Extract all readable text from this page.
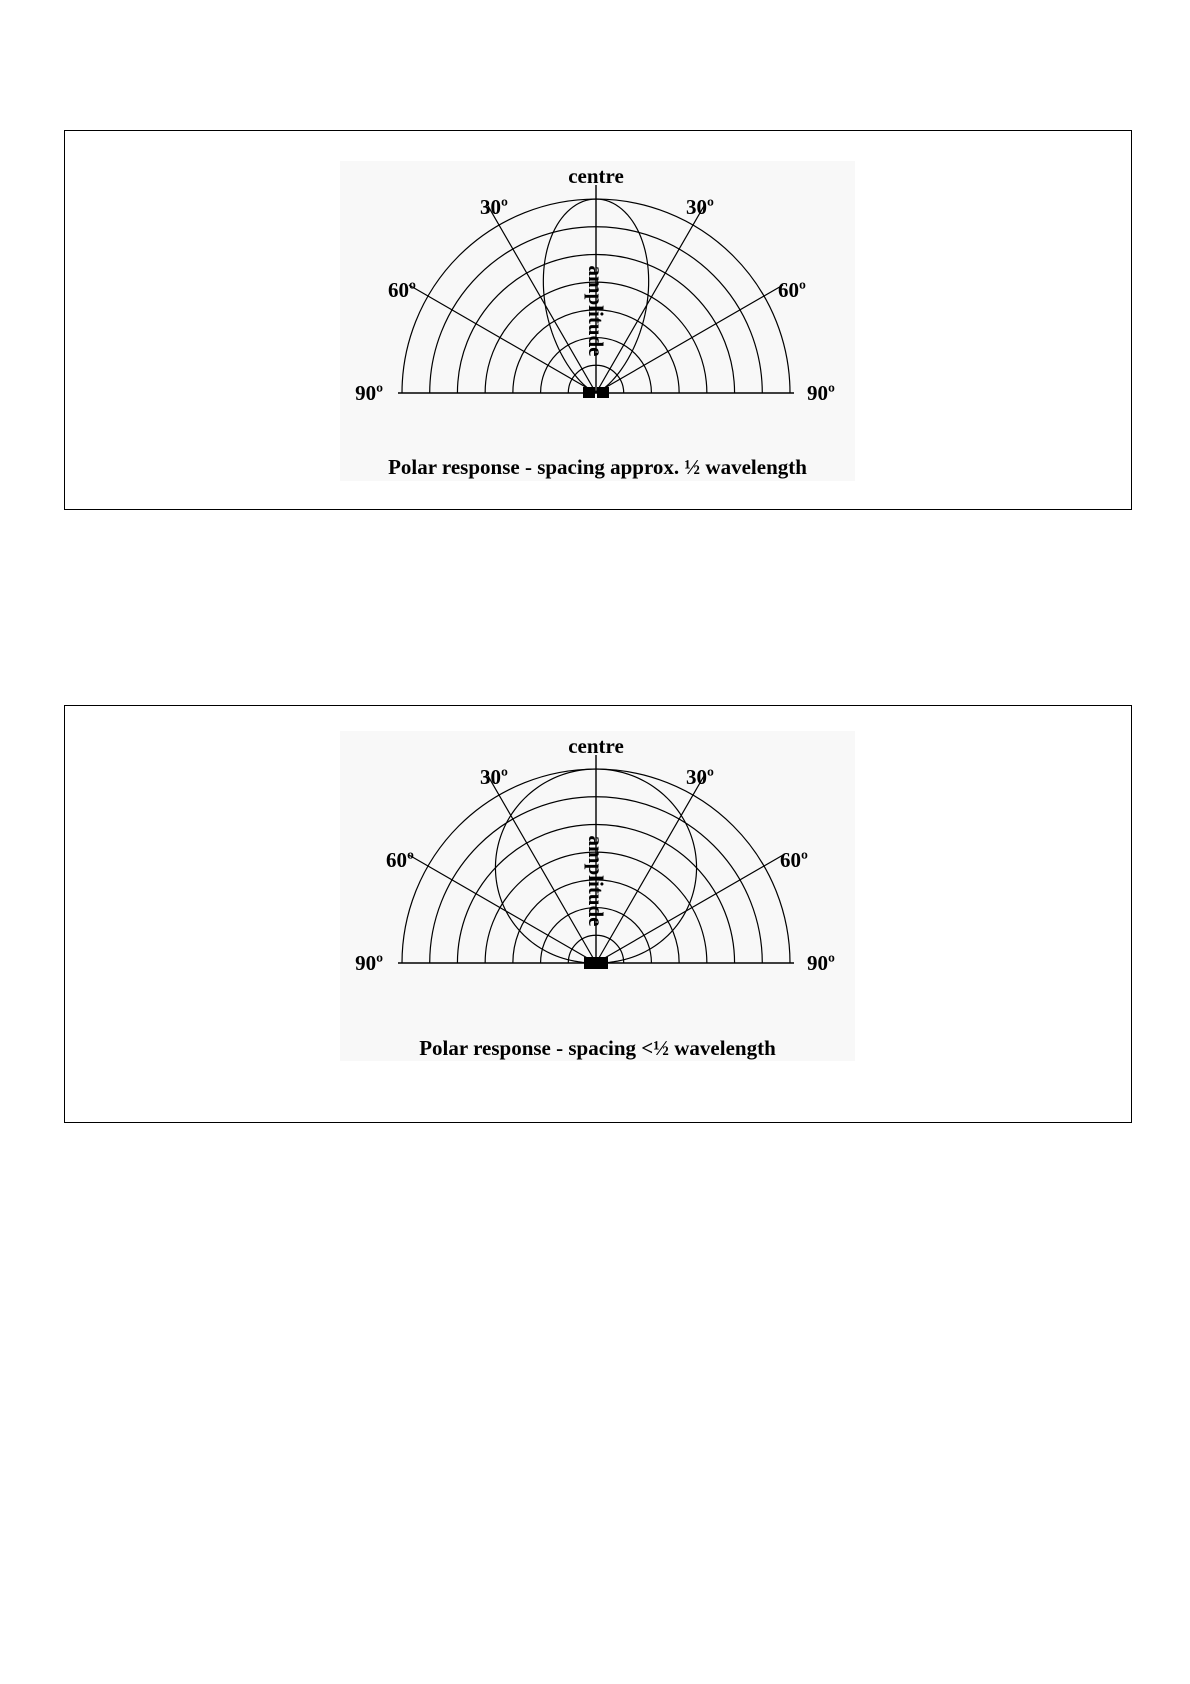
centre
30º	30º
60º	60º
90º	90º
amplitude
Polar response - spacing approx. ½ wavelength
centre
30º	30º
60º	60º
90º	90º
amplitude
Polar response - spacing <½ wavelength
